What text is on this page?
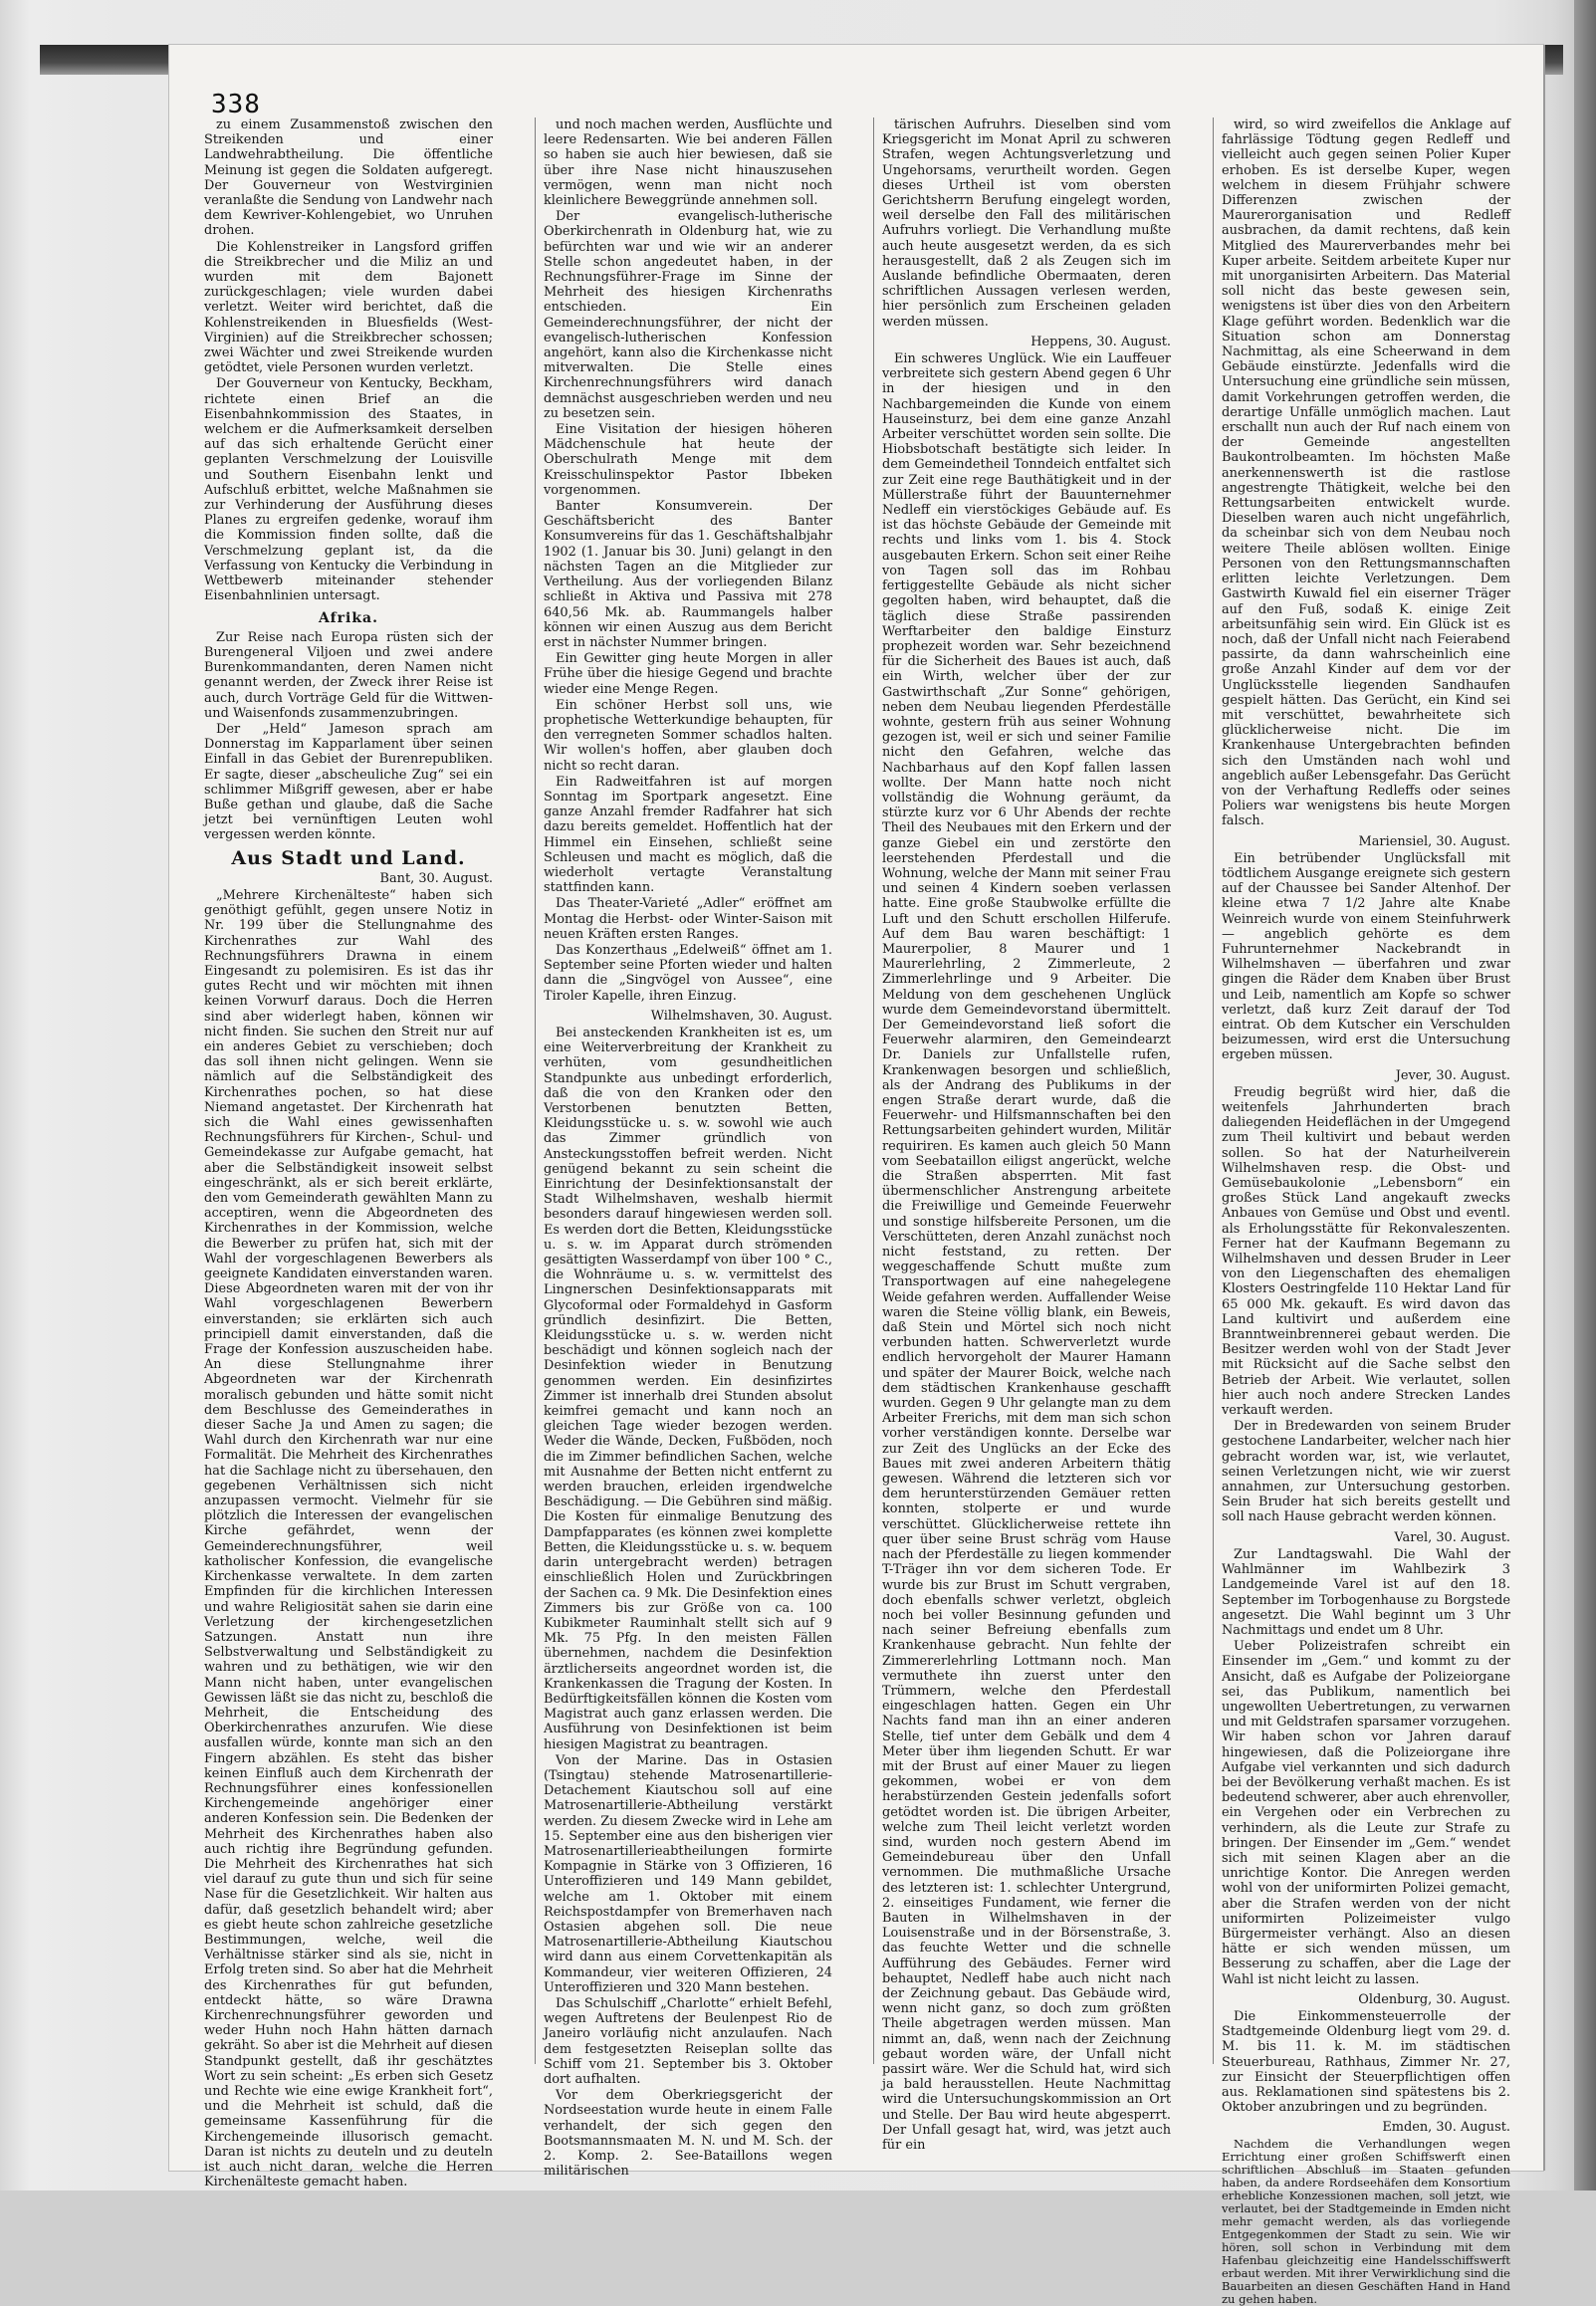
338

zu einem Zusammenstoß zwischen den Streikenden und einer Landwehrabtheilung. Die öffentliche Meinung ist gegen die Soldaten aufgeregt. Der Gouverneur von Westvirginien veranlaßte die Sendung von Landwehr nach dem Kewriver-Kohlengebiet, wo Unruhen drohen.

Die Kohlenstreiker in Langsford griffen die Streikbrecher und die Miliz an und wurden mit dem Bajonett zurückgeschlagen; viele wurden dabei verletzt. Weiter wird berichtet, daß die Kohlenstreikenden in Bluesfields (West-Virginien) auf die Streikbrecher schossen; zwei Wächter und zwei Streikende wurden getödtet, viele Personen wurden verletzt.

Der Gouverneur von Kentucky, Beckham, richtete einen Brief an die Eisenbahnkommission des Staates, in welchem er die Aufmerksamkeit derselben auf das sich erhaltende Gerücht einer geplanten Verschmelzung der Louisville und Southern Eisenbahn lenkt und Aufschluß erbittet, welche Maßnahmen sie zur Verhinderung der Ausführung dieses Planes zu ergreifen gedenke, worauf ihm die Kommission finden sollte, daß die Verschmelzung geplant ist, da die Verfassung von Kentucky die Verbindung in Wettbewerb miteinander stehender Eisenbahnlinien untersagt.

Afrika.

Zur Reise nach Europa rüsten sich der Burengeneral Viljoen und zwei andere Burenkommandanten, deren Namen nicht genannt werden, der Zweck ihrer Reise ist auch, durch Vorträge Geld für die Wittwen- und Waisenfonds zusammenzubringen.

Der „Held“ Jameson sprach am Donnerstag im Kapparlament über seinen Einfall in das Gebiet der Burenrepubliken. Er sagte, dieser „abscheuliche Zug“ sei ein schlimmer Mißgriff gewesen, aber er habe Buße gethan und glaube, daß die Sache jetzt bei vernünftigen Leuten wohl vergessen werden könnte.

Aus Stadt und Land.

Bant, 30. August.

„Mehrere Kirchenälteste“ haben sich genöthigt gefühlt, gegen unsere Notiz in Nr. 199 über die Stellungnahme des Kirchenrathes zur Wahl des Rechnungsführers Drawna in einem Eingesandt zu polemisiren. Es ist das ihr gutes Recht und wir möchten mit ihnen keinen Vorwurf daraus. Doch die Herren sind aber widerlegt haben, können wir nicht finden. Sie suchen den Streit nur auf ein anderes Gebiet zu verschieben; doch das soll ihnen nicht gelingen. Wenn sie nämlich auf die Selbständigkeit des Kirchenrathes pochen, so hat diese Niemand angetastet. Der Kirchenrath hat sich die Wahl eines gewissenhaften Rechnungsführers für Kirchen-, Schul- und Gemeindekasse zur Aufgabe gemacht, hat aber die Selbständigkeit insoweit selbst eingeschränkt, als er sich bereit erklärte, den vom Gemeinderath gewählten Mann zu acceptiren, wenn die Abgeordneten des Kirchenrathes in der Kommission, welche die Bewerber zu prüfen hat, sich mit der Wahl der vorgeschlagenen Bewerbers als geeignete Kandidaten einverstanden waren. Diese Abgeordneten waren mit der von ihr Wahl vorgeschlagenen Bewerbern einverstanden; sie erklärten sich auch principiell damit einverstanden, daß die Frage der Konfession auszuscheiden habe. An diese Stellungnahme ihrer Abgeordneten war der Kirchenrath moralisch gebunden und hätte somit nicht dem Beschlusse des Gemeinderathes in dieser Sache Ja und Amen zu sagen; die Wahl durch den Kirchenrath war nur eine Formalität. Die Mehrheit des Kirchenrathes hat die Sachlage nicht zu übersehauen, den gegebenen Verhältnissen sich nicht anzupassen vermocht. Vielmehr für sie plötzlich die Interessen der evangelischen Kirche gefährdet, wenn der Gemeinderechnungsführer, weil katholischer Konfession, die evangelische Kirchenkasse verwaltete. In dem zarten Empfinden für die kirchlichen Interessen und wahre Religiosität sahen sie darin eine Verletzung der kirchengesetzlichen Satzungen. Anstatt nun ihre Selbstverwaltung und Selbständigkeit zu wahren und zu bethätigen, wie wir den Mann nicht haben, unter evangelischen Gewissen läßt sie das nicht zu, beschloß die Mehrheit, die Entscheidung des Oberkirchenrathes anzurufen. Wie diese ausfallen würde, konnte man sich an den Fingern abzählen. Es steht das bisher keinen Einfluß auch dem Kirchenrath der Rechnungsführer eines konfessionellen Kirchengemeinde angehöriger einer anderen Konfession sein. Die Bedenken der Mehrheit des Kirchenrathes haben also auch richtig ihre Begründung gefunden. Die Mehrheit des Kirchenrathes hat sich viel darauf zu gute thun und sich für seine Nase für die Gesetzlichkeit. Wir halten aus dafür, daß gesetzlich behandelt wird; aber es giebt heute schon zahlreiche gesetzliche Bestimmungen, welche, weil die Verhältnisse stärker sind als sie, nicht in Erfolg treten sind. So aber hat die Mehrheit des Kirchenrathes für gut befunden, entdeckt hätte, so wäre Drawna Kirchenrechnungsführer geworden und weder Huhn noch Hahn hätten darnach gekräht. So aber ist die Mehrheit auf diesen Standpunkt gestellt, daß ihr geschätztes Wort zu sein scheint: „Es erben sich Gesetz und Rechte wie eine ewige Krankheit fort“, und die Mehrheit ist schuld, daß die gemeinsame Kassenführung für die Kirchengemeinde illusorisch gemacht. Daran ist nichts zu deuteln und zu deuteln ist auch nicht daran, welche die Herren Kirchenälteste gemacht haben.

und noch machen werden, Ausflüchte und leere Redensarten. Wie bei anderen Fällen so haben sie auch hier bewiesen, daß sie über ihre Nase nicht hinauszusehen vermögen, wenn man nicht noch kleinlichere Beweggründe annehmen soll.

Der evangelisch-lutherische Oberkirchenrath in Oldenburg hat, wie zu befürchten war und wie wir an anderer Stelle schon angedeutet haben, in der Rechnungsführer-Frage im Sinne der Mehrheit des hiesigen Kirchenraths entschieden. Ein Gemeinderechnungsführer, der nicht der evangelisch-lutherischen Konfession angehört, kann also die Kirchenkasse nicht mitverwalten. Die Stelle eines Kirchenrechnungsführers wird danach demnächst ausgeschrieben werden und neu zu besetzen sein.

Eine Visitation der hiesigen höheren Mädchenschule hat heute der Oberschulrath Menge mit dem Kreisschulinspektor Pastor Ibbeken vorgenommen.

Banter Konsumverein. Der Geschäftsbericht des Banter Konsumvereins für das 1. Geschäftshalbjahr 1902 (1. Januar bis 30. Juni) gelangt in den nächsten Tagen an die Mitglieder zur Vertheilung. Aus der vorliegenden Bilanz schließt in Aktiva und Passiva mit 278 640,56 Mk. ab. Raummangels halber können wir einen Auszug aus dem Bericht erst in nächster Nummer bringen.

Ein Gewitter ging heute Morgen in aller Frühe über die hiesige Gegend und brachte wieder eine Menge Regen.

Ein schöner Herbst soll uns, wie prophetische Wetterkundige behaupten, für den verregneten Sommer schadlos halten. Wir wollen's hoffen, aber glauben doch nicht so recht daran.

Ein Radweitfahren ist auf morgen Sonntag im Sportpark angesetzt. Eine ganze Anzahl fremder Radfahrer hat sich dazu bereits gemeldet. Hoffentlich hat der Himmel ein Einsehen, schließt seine Schleusen und macht es möglich, daß die wiederholt vertagte Veranstaltung stattfinden kann.

Das Theater-Varieté „Adler“ eröffnet am Montag die Herbst- oder Winter-Saison mit neuen Kräften ersten Ranges.

Das Konzerthaus „Edelweiß“ öffnet am 1. September seine Pforten wieder und halten dann die „Singvögel von Aussee“, eine Tiroler Kapelle, ihren Einzug.

Wilhelmshaven, 30. August.

Bei ansteckenden Krankheiten ist es, um eine Weiterverbreitung der Krankheit zu verhüten, vom gesundheitlichen Standpunkte aus unbedingt erforderlich, daß die von den Kranken oder den Verstorbenen benutzten Betten, Kleidungsstücke u. s. w. sowohl wie auch das Zimmer gründlich von Ansteckungsstoffen befreit werden. Nicht genügend bekannt zu sein scheint die Einrichtung der Desinfektionsanstalt der Stadt Wilhelmshaven, weshalb hiermit besonders darauf hingewiesen werden soll. Es werden dort die Betten, Kleidungsstücke u. s. w. im Apparat durch strömenden gesättigten Wasserdampf von über 100 ° C., die Wohnräume u. s. w. vermittelst des Lingnerschen Desinfektionsapparats mit Glycoformal oder Formaldehyd in Gasform gründlich desinfizirt. Die Betten, Kleidungsstücke u. s. w. werden nicht beschädigt und können sogleich nach der Desinfektion wieder in Benutzung genommen werden. Ein desinfizirtes Zimmer ist innerhalb drei Stunden absolut keimfrei gemacht und kann noch an gleichen Tage wieder bezogen werden. Weder die Wände, Decken, Fußböden, noch die im Zimmer befindlichen Sachen, welche mit Ausnahme der Betten nicht entfernt zu werden brauchen, erleiden irgendwelche Beschädigung. — Die Gebühren sind mäßig. Die Kosten für einmalige Benutzung des Dampfapparates (es können zwei komplette Betten, die Kleidungsstücke u. s. w. bequem darin untergebracht werden) betragen einschließlich Holen und Zurückbringen der Sachen ca. 9 Mk. Die Desinfektion eines Zimmers bis zur Größe von ca. 100 Kubikmeter Rauminhalt stellt sich auf 9 Mk. 75 Pfg. In den meisten Fällen übernehmen, nachdem die Desinfektion ärztlicherseits angeordnet worden ist, die Krankenkassen die Tragung der Kosten. In Bedürftigkeitsfällen können die Kosten vom Magistrat auch ganz erlassen werden. Die Ausführung von Desinfektionen ist beim hiesigen Magistrat zu beantragen.

Von der Marine. Das in Ostasien (Tsingtau) stehende Matrosenartillerie-Detachement Kiautschou soll auf eine Matrosenartillerie-Abtheilung verstärkt werden. Zu diesem Zwecke wird in Lehe am 15. September eine aus den bisherigen vier Matrosenartillerieabtheilungen formirte Kompagnie in Stärke von 3 Offizieren, 16 Unteroffizieren und 149 Mann gebildet, welche am 1. Oktober mit einem Reichspostdampfer von Bremerhaven nach Ostasien abgehen soll. Die neue Matrosenartillerie-Abtheilung Kiautschou wird dann aus einem Corvettenkapitän als Kommandeur, vier weiteren Offizieren, 24 Unteroffizieren und 320 Mann bestehen.

Das Schulschiff „Charlotte“ erhielt Befehl, wegen Auftretens der Beulenpest Rio de Janeiro vorläufig nicht anzulaufen. Nach dem festgesetzten Reiseplan sollte das Schiff vom 21. September bis 3. Oktober dort aufhalten.

Vor dem Oberkriegsgericht der Nordseestation wurde heute in einem Falle verhandelt, der sich gegen den Bootsmannsmaaten M. N. und M. Sch. der 2. Komp. 2. See-Bataillons wegen militärischen

tärischen Aufruhrs. Dieselben sind vom Kriegsgericht im Monat April zu schweren Strafen, wegen Achtungsverletzung und Ungehorsams, verurtheilt worden. Gegen dieses Urtheil ist vom obersten Gerichtsherrn Berufung eingelegt worden, weil derselbe den Fall des militärischen Aufruhrs vorliegt. Die Verhandlung mußte auch heute ausgesetzt werden, da es sich herausgestellt, daß 2 als Zeugen sich im Auslande befindliche Obermaaten, deren schriftlichen Aussagen verlesen werden, hier persönlich zum Erscheinen geladen werden müssen.

Heppens, 30. August.

Ein schweres Unglück. Wie ein Lauffeuer verbreitete sich gestern Abend gegen 6 Uhr in der hiesigen und in den Nachbargemeinden die Kunde von einem Hauseinsturz, bei dem eine ganze Anzahl Arbeiter verschüttet worden sein sollte. Die Hiobsbotschaft bestätigte sich leider. In dem Gemeindetheil Tonndeich entfaltet sich zur Zeit eine rege Bauthätigkeit und in der Müllerstraße führt der Bauunternehmer Nedleff ein vierstöckiges Gebäude auf. Es ist das höchste Gebäude der Gemeinde mit rechts und links vom 1. bis 4. Stock ausgebauten Erkern. Schon seit einer Reihe von Tagen soll das im Rohbau fertiggestellte Gebäude als nicht sicher gegolten haben, wird behauptet, daß die täglich diese Straße passirenden Werftarbeiter den baldige Einsturz prophezeit worden war. Sehr bezeichnend für die Sicherheit des Baues ist auch, daß ein Wirth, welcher über der zur Gastwirthschaft „Zur Sonne“ gehörigen, neben dem Neubau liegenden Pferdeställe wohnte, gestern früh aus seiner Wohnung gezogen ist, weil er sich und seiner Familie nicht den Gefahren, welche das Nachbarhaus auf den Kopf fallen lassen wollte. Der Mann hatte noch nicht vollständig die Wohnung geräumt, da stürzte kurz vor 6 Uhr Abends der rechte Theil des Neubaues mit den Erkern und der ganze Giebel ein und zerstörte den leerstehenden Pferdestall und die Wohnung, welche der Mann mit seiner Frau und seinen 4 Kindern soeben verlassen hatte. Eine große Staubwolke erfüllte die Luft und den Schutt erschollen Hilferufe. Auf dem Bau waren beschäftigt: 1 Maurerpolier, 8 Maurer und 1 Maurerlehrling, 2 Zimmerleute, 2 Zimmerlehrlinge und 9 Arbeiter. Die Meldung von dem geschehenen Unglück wurde dem Gemeindevorstand übermittelt. Der Gemeindevorstand ließ sofort die Feuerwehr alarmiren, den Gemeindearzt Dr. Daniels zur Unfallstelle rufen, Krankenwagen besorgen und schließlich, als der Andrang des Publikums in der engen Straße derart wurde, daß die Feuerwehr- und Hilfsmannschaften bei den Rettungsarbeiten gehindert wurden, Militär requiriren. Es kamen auch gleich 50 Mann vom Seebataillon eiligst angerückt, welche die Straßen absperrten. Mit fast übermenschlicher Anstrengung arbeitete die Freiwillige und Gemeinde Feuerwehr und sonstige hilfsbereite Personen, um die Verschütteten, deren Anzahl zunächst noch nicht feststand, zu retten. Der weggeschaffende Schutt mußte zum Transportwagen auf eine nahegelegene Weide gefahren werden. Auffallender Weise waren die Steine völlig blank, ein Beweis, daß Stein und Mörtel sich noch nicht verbunden hatten. Schwerverletzt wurde endlich hervorgeholt der Maurer Hamann und später der Maurer Boick, welche nach dem städtischen Krankenhause geschafft wurden. Gegen 9 Uhr gelangte man zu dem Arbeiter Frerichs, mit dem man sich schon vorher verständigen konnte. Derselbe war zur Zeit des Unglücks an der Ecke des Baues mit zwei anderen Arbeitern thätig gewesen. Während die letzteren sich vor dem herunterstürzenden Gemäuer retten konnten, stolperte er und wurde verschüttet. Glücklicherweise rettete ihn quer über seine Brust schräg vom Hause nach der Pferdeställe zu liegen kommender T-Träger ihn vor dem sicheren Tode. Er wurde bis zur Brust im Schutt vergraben, doch ebenfalls schwer verletzt, obgleich noch bei voller Besinnung gefunden und nach seiner Befreiung ebenfalls zum Krankenhause gebracht. Nun fehlte der Zimmererlehrling Lottmann noch. Man vermuthete ihn zuerst unter den Trümmern, welche den Pferdestall eingeschlagen hatten. Gegen ein Uhr Nachts fand man ihn an einer anderen Stelle, tief unter dem Gebälk und dem 4 Meter über ihm liegenden Schutt. Er war mit der Brust auf einer Mauer zu liegen gekommen, wobei er von dem herabstürzenden Gestein jedenfalls sofort getödtet worden ist. Die übrigen Arbeiter, welche zum Theil leicht verletzt worden sind, wurden noch gestern Abend im Gemeindebureau über den Unfall vernommen. Die muthmaßliche Ursache des letzteren ist: 1. schlechter Untergrund, 2. einseitiges Fundament, wie ferner die Bauten in Wilhelmshaven in der Louisenstraße und in der Börsenstraße, 3. das feuchte Wetter und die schnelle Aufführung des Gebäudes. Ferner wird behauptet, Nedleff habe auch nicht nach der Zeichnung gebaut. Das Gebäude wird, wenn nicht ganz, so doch zum größten Theile abgetragen werden müssen. Man nimmt an, daß, wenn nach der Zeichnung gebaut worden wäre, der Unfall nicht passirt wäre. Wer die Schuld hat, wird sich ja bald herausstellen. Heute Nachmittag wird die Untersuchungskommission an Ort und Stelle. Der Bau wird heute abgesperrt. Der Unfall gesagt hat, wird, was jetzt auch für ein

wird, so wird zweifellos die Anklage auf fahrlässige Tödtung gegen Redleff und vielleicht auch gegen seinen Polier Kuper erhoben. Es ist derselbe Kuper, wegen welchem in diesem Frühjahr schwere Differenzen zwischen der Maurerorganisation und Redleff ausbrachen, da damit rechtens, daß kein Mitglied des Maurerverbandes mehr bei Kuper arbeite. Seitdem arbeitete Kuper nur mit unorganisirten Arbeitern. Das Material soll nicht das beste gewesen sein, wenigstens ist über dies von den Arbeitern Klage geführt worden. Bedenklich war die Situation schon am Donnerstag Nachmittag, als eine Scheerwand in dem Gebäude einstürzte. Jedenfalls wird die Untersuchung eine gründliche sein müssen, damit Vorkehrungen getroffen werden, die derartige Unfälle unmöglich machen. Laut erschallt nun auch der Ruf nach einem von der Gemeinde angestellten Baukontrolbeamten. Im höchsten Maße anerkennenswerth ist die rastlose angestrengte Thätigkeit, welche bei den Rettungsarbeiten entwickelt wurde. Dieselben waren auch nicht ungefährlich, da scheinbar sich von dem Neubau noch weitere Theile ablösen wollten. Einige Personen von den Rettungsmannschaften erlitten leichte Verletzungen. Dem Gastwirth Kuwald fiel ein eiserner Träger auf den Fuß, sodaß K. einige Zeit arbeitsunfähig sein wird. Ein Glück ist es noch, daß der Unfall nicht nach Feierabend passirte, da dann wahrscheinlich eine große Anzahl Kinder auf dem vor der Unglücksstelle liegenden Sandhaufen gespielt hätten. Das Gerücht, ein Kind sei mit verschüttet, bewahrheitete sich glücklicherweise nicht. Die im Krankenhause Untergebrachten befinden sich den Umständen nach wohl und angeblich außer Lebensgefahr. Das Gerücht von der Verhaftung Redleffs oder seines Poliers war wenigstens bis heute Morgen falsch.

Mariensiel, 30. August.

Ein betrübender Unglücksfall mit tödtlichem Ausgange ereignete sich gestern auf der Chaussee bei Sander Altenhof. Der kleine etwa 7 1/2 Jahre alte Knabe Weinreich wurde von einem Steinfuhrwerk — angeblich gehörte es dem Fuhrunternehmer Nackebrandt in Wilhelmshaven — überfahren und zwar gingen die Räder dem Knaben über Brust und Leib, namentlich am Kopfe so schwer verletzt, daß kurz Zeit darauf der Tod eintrat. Ob dem Kutscher ein Verschulden beizumessen, wird erst die Untersuchung ergeben müssen.

Jever, 30. August.

Freudig begrüßt wird hier, daß die weitenfels Jahrhunderten brach daliegenden Heideflächen in der Umgegend zum Theil kultivirt und bebaut werden sollen. So hat der Naturheilverein Wilhelmshaven resp. die Obst- und Gemüsebaukolonie „Lebensborn“ ein großes Stück Land angekauft zwecks Anbaues von Gemüse und Obst und eventl. als Erholungsstätte für Rekonvaleszenten. Ferner hat der Kaufmann Begemann zu Wilhelmshaven und dessen Bruder in Leer von den Liegenschaften des ehemaligen Klosters Oestringfelde 110 Hektar Land für 65 000 Mk. gekauft. Es wird davon das Land kultivirt und außerdem eine Branntweinbrennerei gebaut werden. Die Besitzer werden wohl von der Stadt Jever mit Rücksicht auf die Sache selbst den Betrieb der Arbeit. Wie verlautet, sollen hier auch noch andere Strecken Landes verkauft werden.

Der in Bredewarden von seinem Bruder gestochene Landarbeiter, welcher nach hier gebracht worden war, ist, wie verlautet, seinen Verletzungen nicht, wie wir zuerst annahmen, zur Untersuchung gestorben. Sein Bruder hat sich bereits gestellt und soll nach Hause gebracht werden können.

Varel, 30. August.

Zur Landtagswahl. Die Wahl der Wahlmänner im Wahlbezirk 3 Landgemeinde Varel ist auf den 18. September im Torbogenhause zu Borgstede angesetzt. Die Wahl beginnt um 3 Uhr Nachmittags und endet um 8 Uhr.

Ueber Polizeistrafen schreibt ein Einsender im „Gem.“ und kommt zu der Ansicht, daß es Aufgabe der Polizeiorgane sei, das Publikum, namentlich bei ungewollten Uebertretungen, zu verwarnen und mit Geldstrafen sparsamer vorzugehen. Wir haben schon vor Jahren darauf hingewiesen, daß die Polizeiorgane ihre Aufgabe viel verkannten und sich dadurch bei der Bevölkerung verhaßt machen. Es ist bedeutend schwerer, aber auch ehrenvoller, ein Vergehen oder ein Verbrechen zu verhindern, als die Leute zur Strafe zu bringen. Der Einsender im „Gem.“ wendet sich mit seinen Klagen aber an die unrichtige Kontor. Die Anregen werden wohl von der uniformirten Polizei gemacht, aber die Strafen werden von der nicht uniformirten Polizeimeister vulgo Bürgermeister verhängt. Also an diesen hätte er sich wenden müssen, um Besserung zu schaffen, aber die Lage der Wahl ist nicht leicht zu lassen.

Oldenburg, 30. August.

Die Einkommensteuerrolle der Stadtgemeinde Oldenburg liegt vom 29. d. M. bis 11. k. M. im städtischen Steuerbureau, Rathhaus, Zimmer Nr. 27, zur Einsicht der Steuerpflichtigen offen aus. Reklamationen sind spätestens bis 2. Oktober anzubringen und zu begründen.

Emden, 30. August.

Nachdem die Verhandlungen wegen Errichtung einer großen Schiffswerft einen schriftlichen Abschluß im Staaten gefunden haben, da andere Rordseehäfen dem Konsortium erhebliche Konzessionen machen, soll jetzt, wie verlautet, bei der Stadtgemeinde in Emden nicht mehr gemacht werden, als das vorliegende Entgegenkommen der Stadt zu sein. Wie wir hören, soll schon in Verbindung mit dem Hafenbau gleichzeitig eine Handelsschiffswerft erbaut werden. Mit ihrer Verwirklichung sind die Bauarbeiten an diesen Geschäften Hand in Hand zu gehen haben.
